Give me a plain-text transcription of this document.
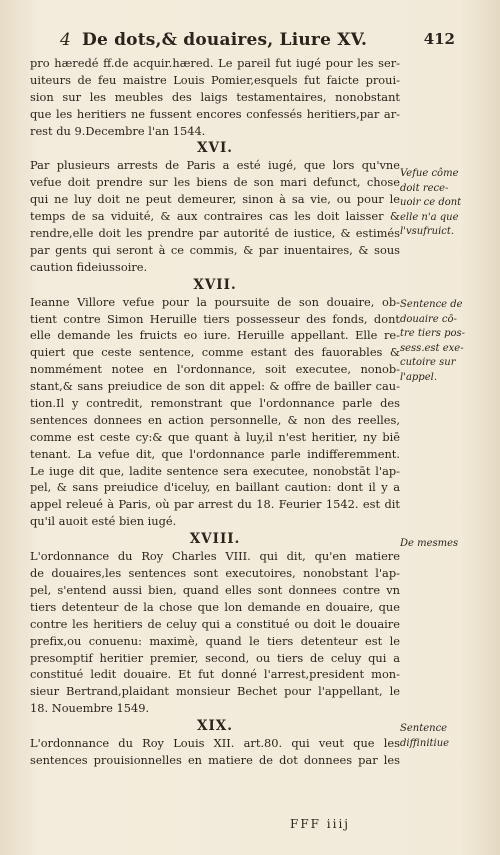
4 De dots,& douaires, Liure XV.	412
pro hæredé ff.de acquir.hæred. Le pareil fut iugé pour les ser-
uiteurs de feu maistre Louis Pomier,esquels fut faicte proui-
sion sur les meubles des laigs testamentaires, nonobstant
que les heritiers ne fussent encores confessés heritiers,par ar-
rest du 9.Decembre l'an 1544.
XVI.
Par plusieurs arrests de Paris a esté iugé, que lors qu'vne
vefue doit prendre sur les biens de son mari defunct, chose
qui ne luy doit ne peut demeurer, sinon à sa vie, ou pour le
temps de sa viduité, & aux contraires cas les doit laisser &
rendre,elle doit les prendre par autorité de iustice, & estimés
par gents qui seront à ce commis, & par inuentaires, & sous
caution fideiussoire.
XVII.
Ieanne Villore vefue pour la poursuite de son douaire, ob-
tient contre Simon Heruille tiers possesseur des fonds, dont
elle demande les fruicts eo iure. Heruille appellant. Elle re-
quiert que ceste sentence, comme estant des fauorables &
nommément notee en l'ordonnance, soit executee, nonob-
stant,& sans preiudice de son dit appel: & offre de bailler cau-
tion.Il y contredit, remonstrant que l'ordonnance parle des
sentences donnees en action personnelle, & non des reelles,
comme est ceste cy:& que quant à luy,il n'est heritier, ny biē
tenant. La vefue dit, que l'ordonnance parle indifferemment.
Le iuge dit que, ladite sentence sera executee, nonobstāt l'ap-
pel, & sans preiudice d'iceluy, en baillant caution: dont il y a
appel releué à Paris, où par arrest du 18. Feurier 1542. est dit
qu'il auoit esté bien iugé.
XVIII.
L'ordonnance du Roy Charles VIII. qui dit, qu'en matiere
de douaires,les sentences sont executoires, nonobstant l'ap-
pel, s'entend aussi bien, quand elles sont donnees contre vn
tiers detenteur de la chose que lon demande en douaire, que
contre les heritiers de celuy qui a constitué ou doit le douaire
prefix,ou conuenu: maximè, quand le tiers detenteur est le
presomptif heritier premier, second, ou tiers de celuy qui a
constitué ledit douaire. Et fut donné l'arrest,president mon-
sieur Bertrand,plaidant monsieur Bechet pour l'appellant, le
18. Nouembre 1549.
XIX.
L'ordonnance du Roy Louis XII. art.80. qui veut que les
sentences prouisionnelles en matiere de dot donnees par les
Vefue côme
doit rece-
uoir ce dont
elle n'a que
l'vsufruict.
Sentence de
douaire cō-
tre tiers pos-
sess.est exe-
cutoire sur
l'appel.
De mesmes
Sentence
diffinitiue
FFF iiij
